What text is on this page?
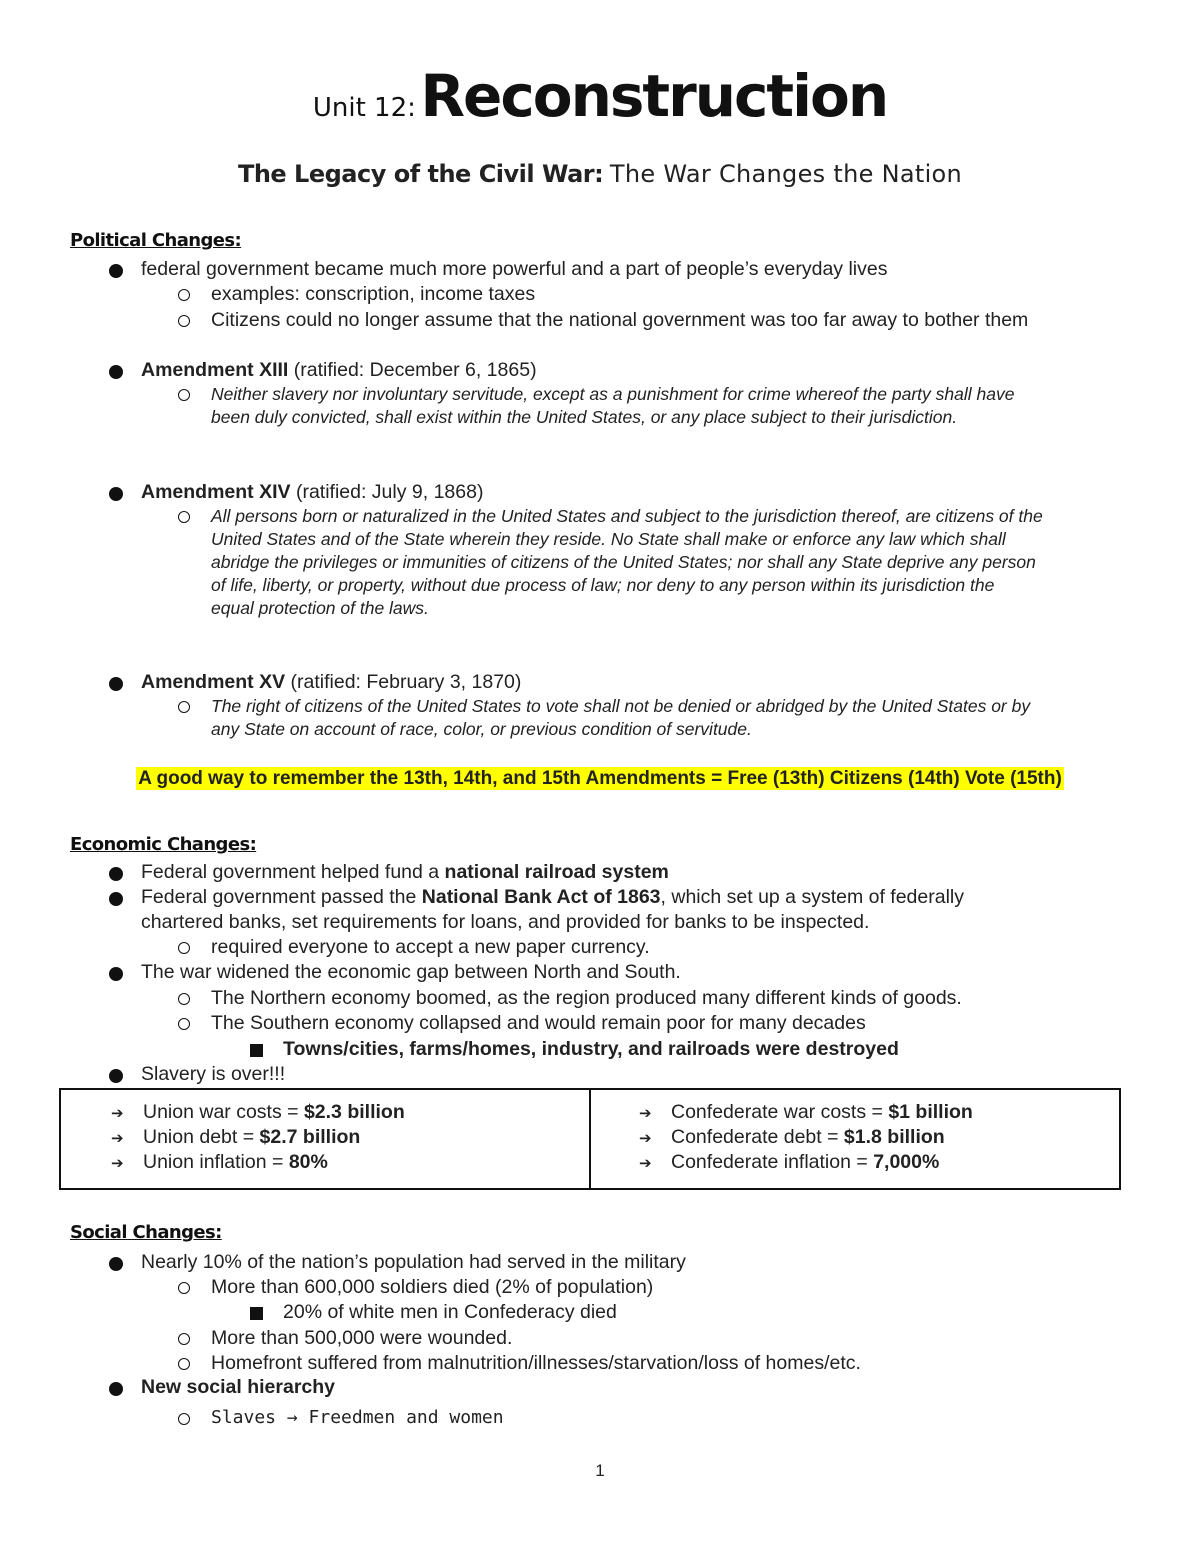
Unit 12: Reconstruction
The Legacy of the Civil War: The War Changes the Nation
Political Changes:
federal government became much more powerful and a part of people’s everyday lives
examples: conscription, income taxes
Citizens could no longer assume that the national government was too far away to bother them
Amendment XIII (ratified: December 6, 1865)
Neither slavery nor involuntary servitude, except as a punishment for crime whereof the party shall have
been duly convicted, shall exist within the United States, or any place subject to their jurisdiction.
Amendment XIV (ratified: July 9, 1868)
All persons born or naturalized in the United States and subject to the jurisdiction thereof, are citizens of the
United States and of the State wherein they reside. No State shall make or enforce any law which shall
abridge the privileges or immunities of citizens of the United States; nor shall any State deprive any person
of life, liberty, or property, without due process of law; nor deny to any person within its jurisdiction the
equal protection of the laws.
Amendment XV (ratified: February 3, 1870)
The right of citizens of the United States to vote shall not be denied or abridged by the United States or by
any State on account of race, color, or previous condition of servitude.
A good way to remember the 13th, 14th, and 15th Amendments = Free (13th) Citizens (14th) Vote (15th)
Economic Changes:
Federal government helped fund a national railroad system
Federal government passed the National Bank Act of 1863, which set up a system of federally
chartered banks, set requirements for loans, and provided for banks to be inspected.
required everyone to accept a new paper currency.
The war widened the economic gap between North and South.
The Northern economy boomed, as the region produced many different kinds of goods.
The Southern economy collapsed and would remain poor for many decades
Towns/cities, farms/homes, industry, and railroads were destroyed
Slavery is over!!!
➔ Union war costs = $2.3 billion
➔ Union debt = $2.7 billion
➔ Union inflation = 80%
➔ Confederate war costs = $1 billion
➔ Confederate debt = $1.8 billion
➔ Confederate inflation = 7,000%
Social Changes:
Nearly 10% of the nation’s population had served in the military
More than 600,000 soldiers died (2% of population)
20% of white men in Confederacy died
More than 500,000 were wounded.
Homefront suffered from malnutrition/illnesses/starvation/loss of homes/etc.
New social hierarchy
Slaves → Freedmen and women
1
